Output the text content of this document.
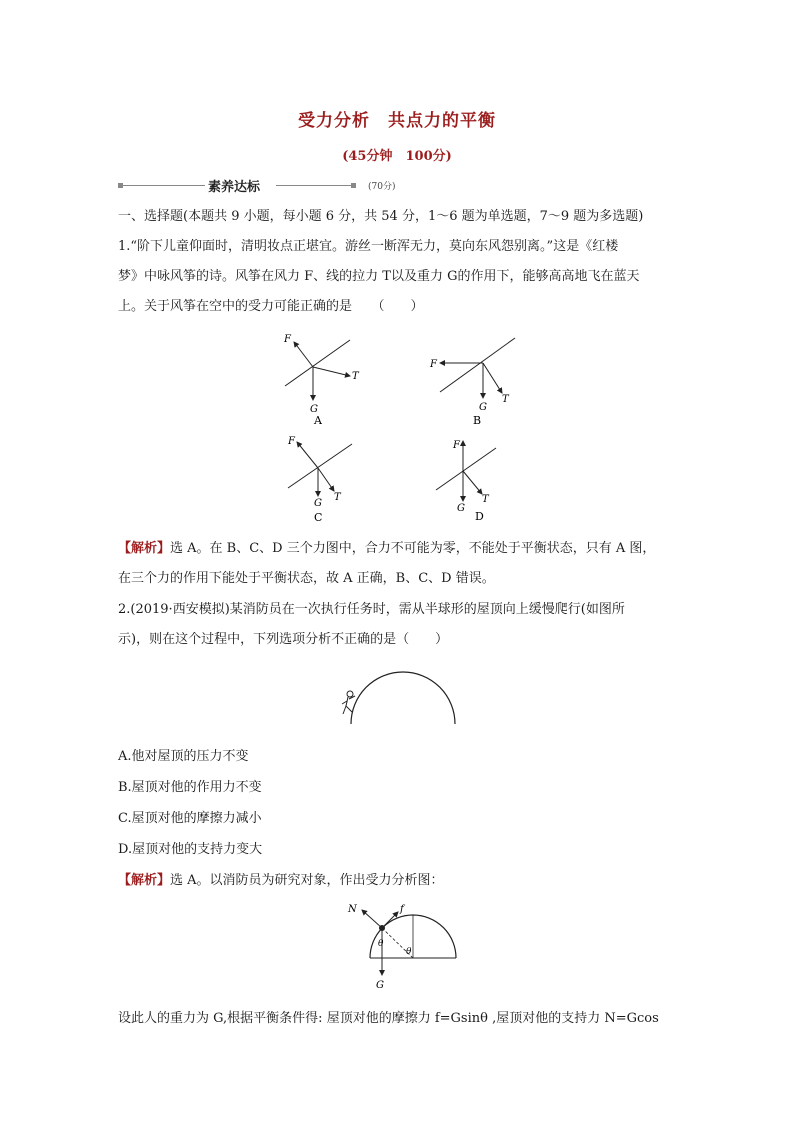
受力分析　共点力的平衡
(45分钟　100分)
素养达标	(70分)
一、选择题(本题共 9 小题，每小题 6 分，共 54 分，1～6 题为单选题，7～9 题为多选题)
1.“阶下儿童仰面时，清明妆点正堪宜。游丝一断浑无力，莫向东风怨别离。”这是《红楼
梦》中咏风筝的诗。风筝在风力 F、线的拉力 T以及重力 G的作用下，能够高高地飞在蓝天
上。关于风筝在空中的受力可能正确的是　　（　　）
F
T
G
A
F
G
T
B
F
G
T
C
F
G
T
D
【解析】选 A。在 B、C、D 三个力图中，合力不可能为零，不能处于平衡状态，只有 A 图，
在三个力的作用下能处于平衡状态，故 A 正确，B、C、D 错误。
2.(2019·西安模拟)某消防员在一次执行任务时，需从半球形的屋顶向上缓慢爬行(如图所
示)，则在这个过程中，下列选项分析不正确的是（　　）
A.他对屋顶的压力不变
B.屋顶对他的作用力不变
C.屋顶对他的摩擦力减小
D.屋顶对他的支持力变大
【解析】选 A。以消防员为研究对象，作出受力分析图：
N	f
θ
θ
G
设此人的重力为 G,根据平衡条件得: 屋顶对他的摩擦力 f=Gsinθ ,屋顶对他的支持力 N=Gcos
